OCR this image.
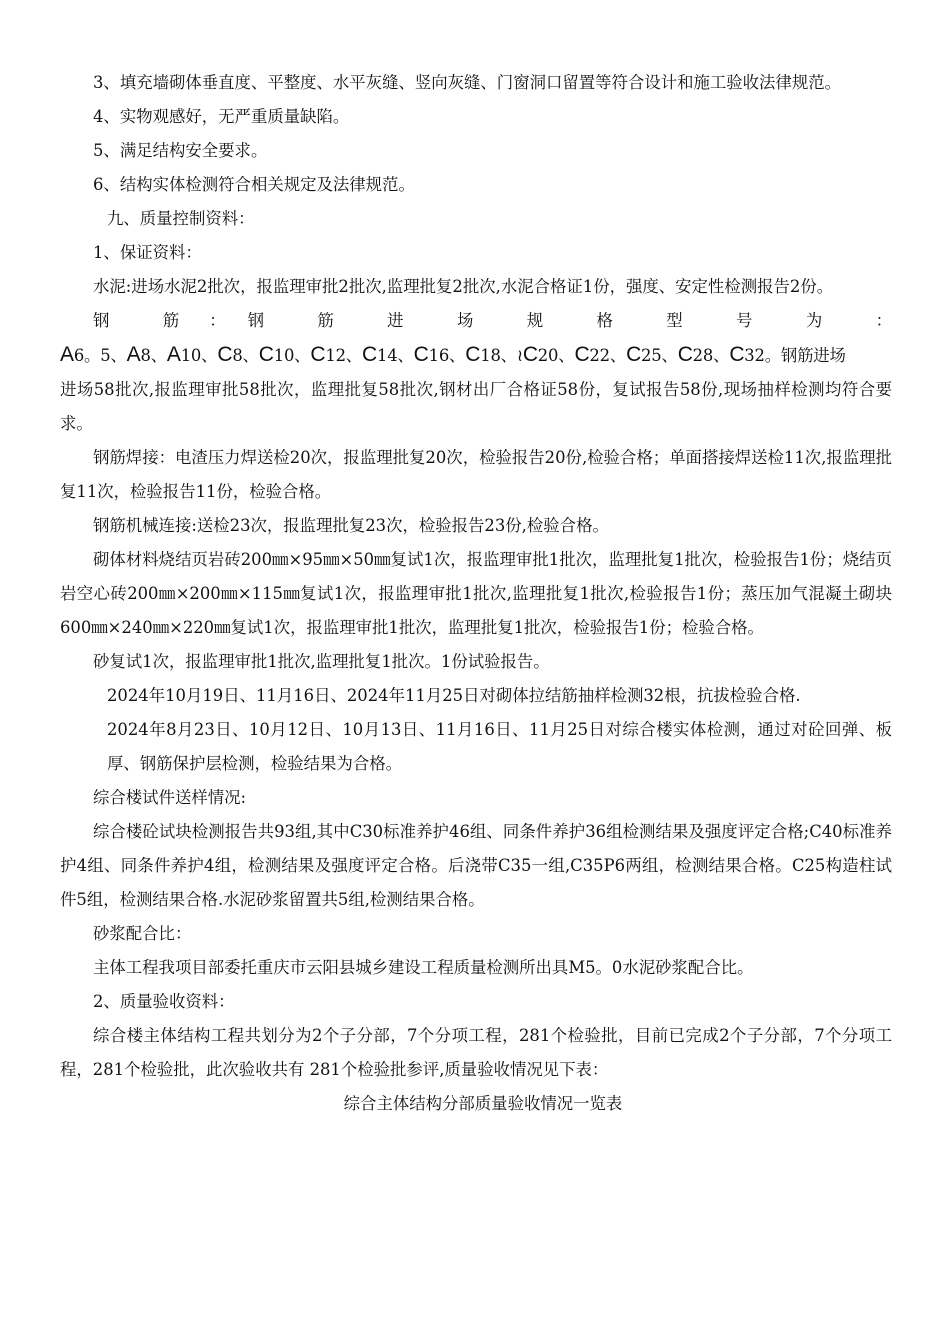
3、填充墙砌体垂直度、平整度、水平灰缝、竖向灰缝、门窗洞口留置等符合设计和施工验收法律规范。

4、实物观感好，无严重质量缺陷。

5、满足结构安全要求。

6、结构实体检测符合相关规定及法律规范。

九、质量控制资料：

1、保证资料：

水泥:进场水泥2批次，报监理审批2批次,监理批复2批次,水泥合格证1份，强度、安定性检测报告2份。

钢　　筋　：　钢　　筋　　进　　场　　规　　格　　型　　号　　为　　：

A6。5、A8、A10、C8、C10、C12、C14、C16、C18、≀C20、C22、C25、C28、C32。钢筋进场

进场58批次,报监理审批58批次，监理批复58批次,钢材出厂合格证58份，复试报告58份,现场抽样检测均符合要求。

钢筋焊接：电渣压力焊送检20次，报监理批复20次，检验报告20份,检验合格；单面搭接焊送检11次,报监理批复11次，检验报告11份，检验合格。

钢筋机械连接:送检23次，报监理批复23次，检验报告23份,检验合格。

砌体材料烧结页岩砖200㎜×95㎜×50㎜复试1次，报监理审批1批次，监理批复1批次，检验报告1份；烧结页岩空心砖200㎜×200㎜×115㎜复试1次，报监理审批1批次,监理批复1批次,检验报告1份；蒸压加气混凝土砌块600㎜×240㎜×220㎜复试1次，报监理审批1批次，监理批复1批次，检验报告1份；检验合格。

砂复试1次，报监理审批1批次,监理批复1批次。1份试验报告。

2024年10月19日、11月16日、2024年11月25日对砌体拉结筋抽样检测32根，抗拔检验合格.

2024年8月23日、10月12日、10月13日、11月16日、11月25日对综合楼实体检测，通过对砼回弹、板厚、钢筋保护层检测，检验结果为合格。

综合楼试件送样情况:

综合楼砼试块检测报告共93组,其中C30标准养护46组、同条件养护36组检测结果及强度评定合格;C40标准养护4组、同条件养护4组，检测结果及强度评定合格。后浇带C35一组,C35P6两组，检测结果合格。C25构造柱试件5组，检测结果合格.水泥砂浆留置共5组,检测结果合格。

砂浆配合比：

主体工程我项目部委托重庆市云阳县城乡建设工程质量检测所出具M5。0水泥砂浆配合比。

2、质量验收资料：

综合楼主体结构工程共划分为2个子分部，7个分项工程，281个检验批，目前已完成2个子分部，7个分项工程，281个检验批，此次验收共有 281个检验批参评,质量验收情况见下表：

综合主体结构分部质量验收情况一览表
